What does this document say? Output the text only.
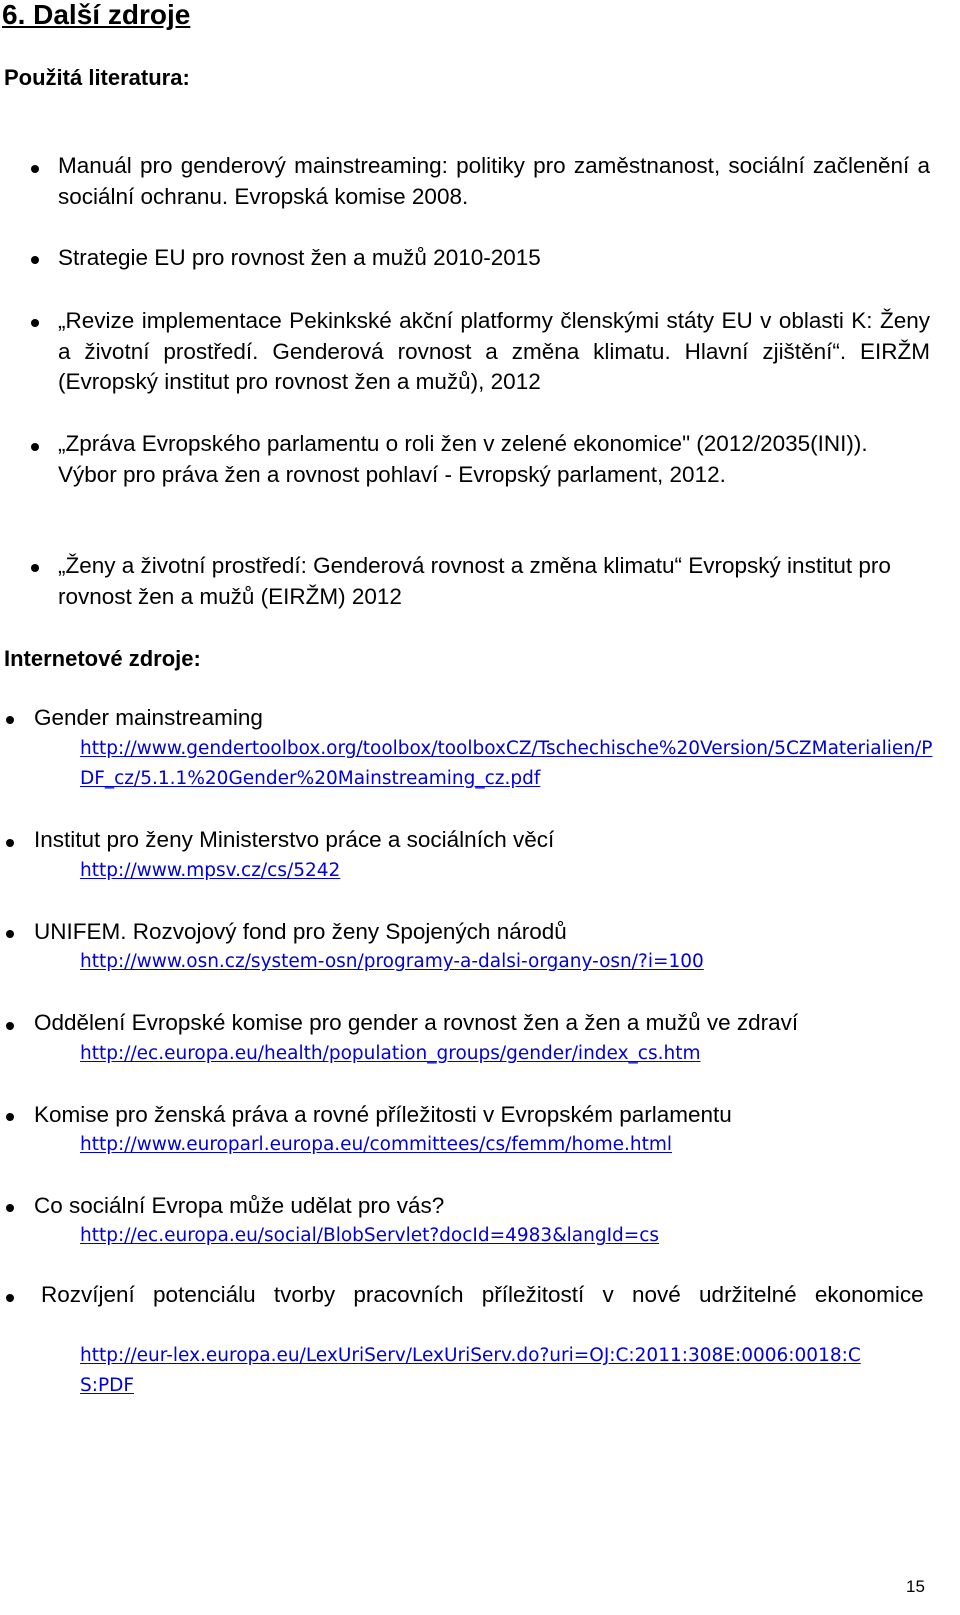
6. Další zdroje
Použitá literatura:
Manuál pro genderový mainstreaming: politiky pro zaměstnanost, sociální začlenění a sociální ochranu. Evropská komise 2008.
Strategie EU pro rovnost žen a mužů 2010-2015
„Revize implementace Pekinkské akční platformy členskými státy EU v oblasti K: Ženy a životní prostředí. Genderová rovnost a změna klimatu. Hlavní zjištění“. EIRŽM (Evropský institut pro rovnost žen a mužů), 2012
„Zpráva Evropského parlamentu o roli žen v zelené ekonomice" (2012/2035(INI)). Výbor pro práva žen a rovnost pohlaví - Evropský parlament, 2012.
„Ženy a životní prostředí: Genderová rovnost a změna klimatu“ Evropský institut pro rovnost žen a mužů (EIRŽM) 2012
Internetové zdroje:
Gender mainstreaming
http://www.gendertoolbox.org/toolbox/toolboxCZ/Tschechische%20Version/5CZMaterialien/PDF_cz/5.1.1%20Gender%20Mainstreaming_cz.pdf
Institut pro ženy Ministerstvo práce a sociálních věcí
http://www.mpsv.cz/cs/5242
UNIFEM. Rozvojový fond pro ženy Spojených národů
http://www.osn.cz/system-osn/programy-a-dalsi-organy-osn/?i=100
Oddělení Evropské komise pro gender a rovnost žen a žen a mužů ve zdraví
http://ec.europa.eu/health/population_groups/gender/index_cs.htm
Komise pro ženská práva a rovné příležitosti v Evropském parlamentu
http://www.europarl.europa.eu/committees/cs/femm/home.html
Co sociální Evropa může udělat pro vás?
http://ec.europa.eu/social/BlobServlet?docId=4983&langId=cs
Rozvíjení potenciálu tvorby pracovních příležitostí v nové udržitelné ekonomice
http://eur-lex.europa.eu/LexUriServ/LexUriServ.do?uri=OJ:C:2011:308E:0006:0018:CS:PDF
15
